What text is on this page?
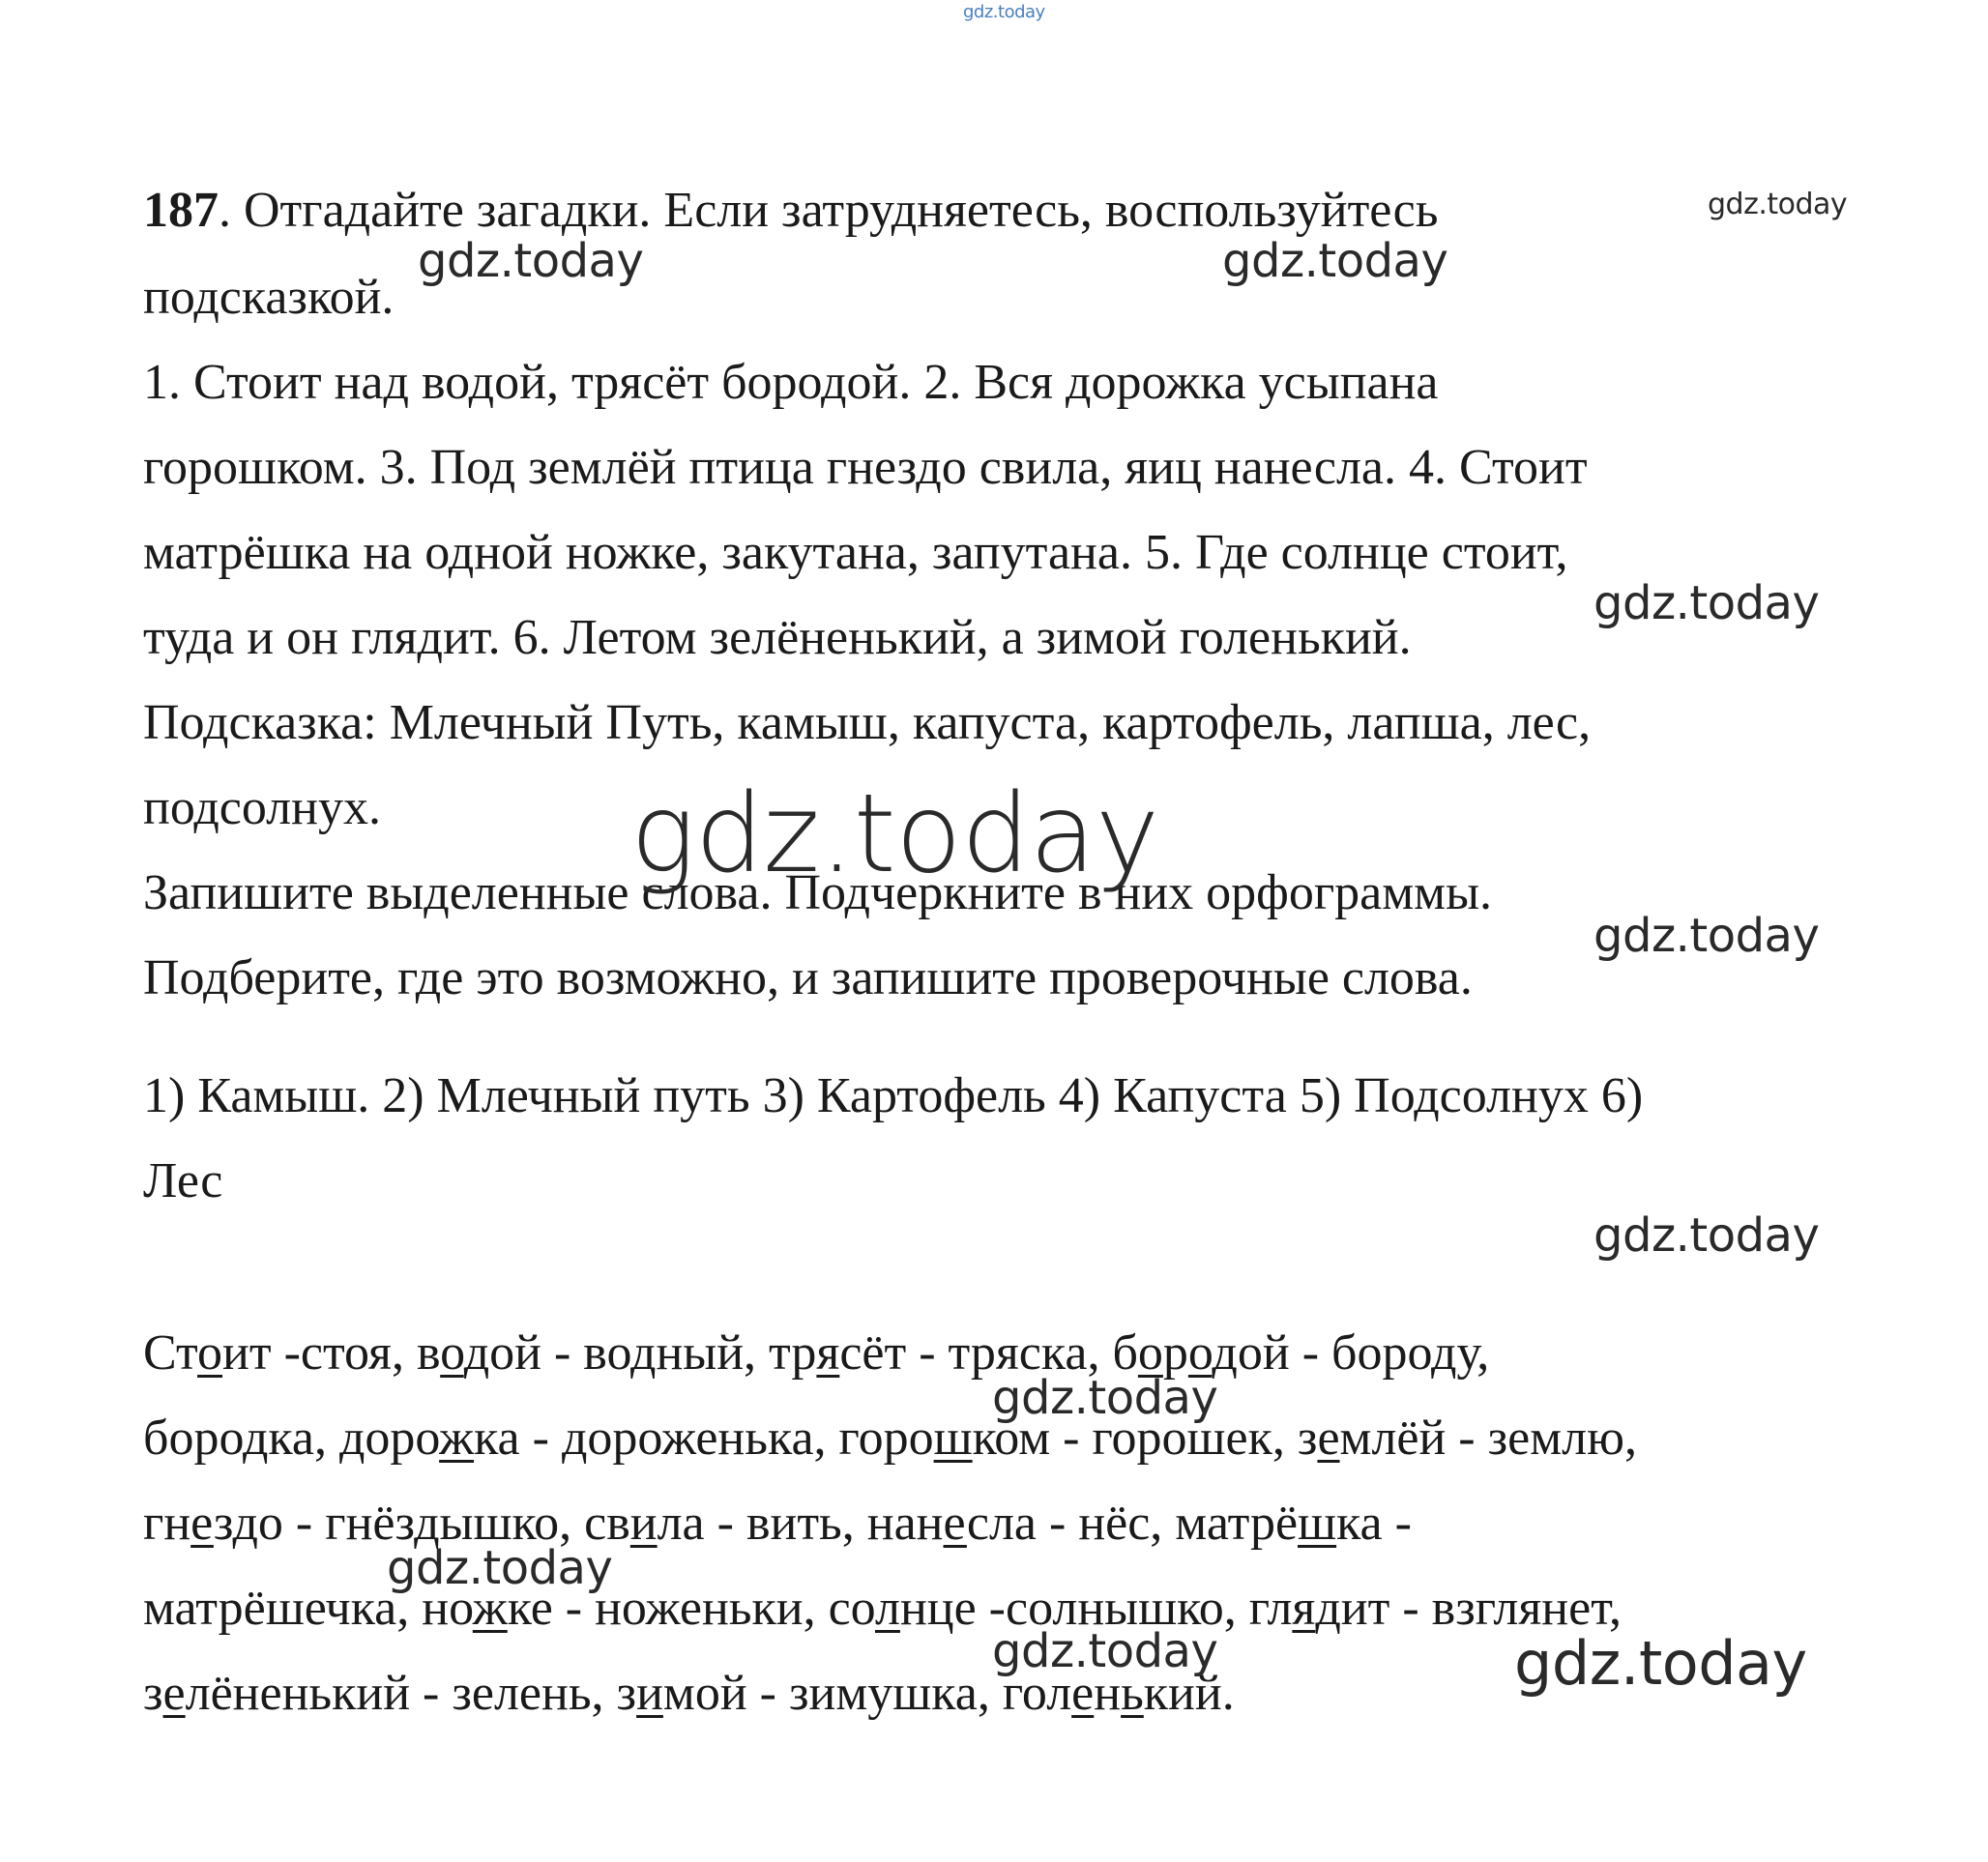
gdz.today
187. Отгадайте загадки. Если затрудняетесь, воспользуйтесь
подсказкой.
1. Стоит над водой, трясёт бородой. 2. Вся дорожка усыпана
горошком. 3. Под землёй птица гнездо свила, яиц нанесла. 4. Стоит
матрёшка на одной ножке, закутана, запутана. 5. Где солнце стоит,
туда и он глядит. 6. Летом зелёненький, а зимой голенький.
Подсказка: Млечный Путь, камыш, капуста, картофель, лапша, лес,
подсолнух.
Запишите выделенные слова. Подчеркните в них орфограммы.
Подберите, где это возможно, и запишите проверочные слова.
1) Камыш. 2) Млечный путь 3) Картофель 4) Капуста 5) Подсолнух 6)
Лес
Стоит -стоя, водой - водный, трясёт - тряска, бородой - бороду,
бородка, дорожка - дороженька, горошком - горошек, землёй - землю,
гнездо - гнёздышко, свила - вить, нанесла - нёс, матрёшка -
матрёшечка, ножке - ноженьки, солнце -солнышко, глядит - взглянет,
зелёненький - зелень, зимой - зимушка, голенький.
gdz.today
gdz.today	gdz.today
gdz.today
gdz.today
gdz.today
gdz.today
gdz.today
gdz.today
gdz.today	gdz.today
